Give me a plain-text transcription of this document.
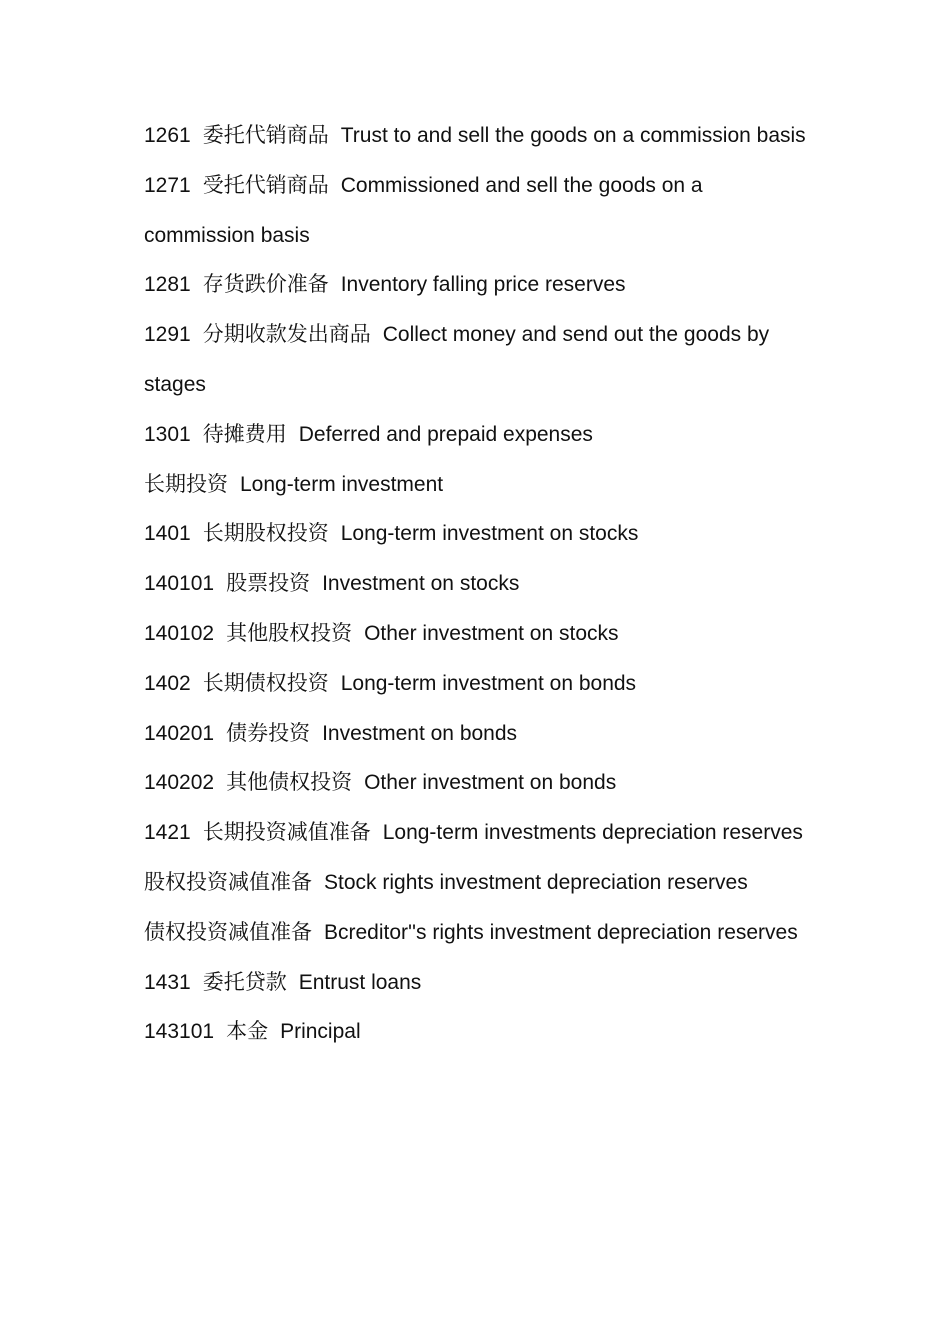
1261 委托代销商品 Trust to and sell the goods on a commission basis

1271 受托代销商品 Commissioned and sell the goods on a commission basis

1281 存货跌价准备 Inventory falling price reserves

1291 分期收款发出商品 Collect money and send out the goods by stages

1301 待摊费用 Deferred and prepaid expenses

长期投资 Long-term investment

1401 长期股权投资 Long-term investment on stocks

140101 股票投资 Investment on stocks

140102 其他股权投资 Other investment on stocks

1402 长期债权投资 Long-term investment on bonds

140201 债券投资 Investment on bonds

140202 其他债权投资 Other investment on bonds

1421 长期投资减值准备 Long-term investments depreciation reserves

股权投资减值准备 Stock rights investment depreciation reserves

债权投资减值准备 Bcreditor''s rights investment depreciation reserves

1431 委托贷款 Entrust loans

143101 本金 Principal
